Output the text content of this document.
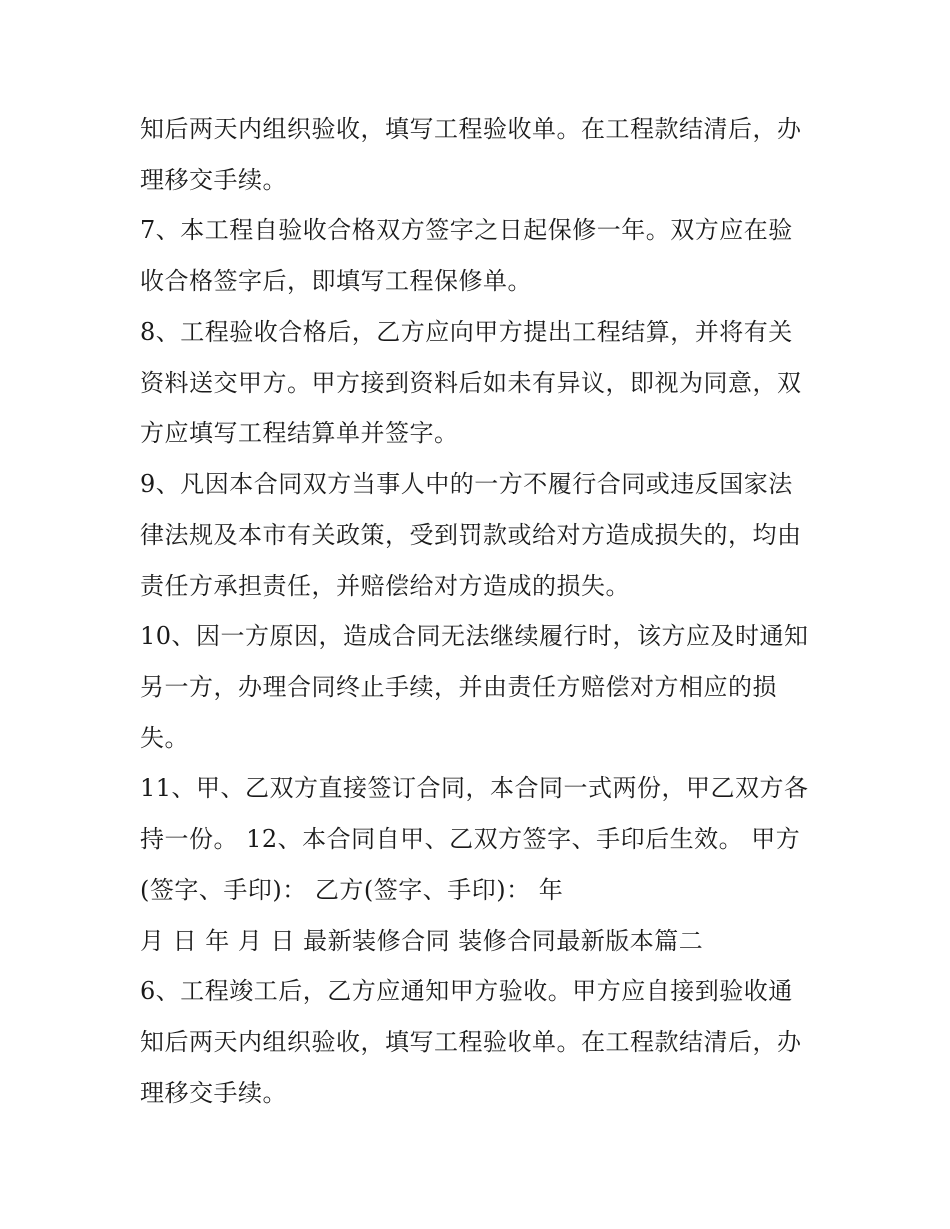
知后两天内组织验收，填写工程验收单。在工程款结清后，办
理移交手续。
7、本工程自验收合格双方签字之日起保修一年。双方应在验
收合格签字后，即填写工程保修单。
8、工程验收合格后，乙方应向甲方提出工程结算，并将有关
资料送交甲方。甲方接到资料后如未有异议，即视为同意，双
方应填写工程结算单并签字。
9、凡因本合同双方当事人中的一方不履行合同或违反国家法
律法规及本市有关政策，受到罚款或给对方造成损失的，均由
责任方承担责任，并赔偿给对方造成的损失。
10、因一方原因，造成合同无法继续履行时，该方应及时通知
另一方，办理合同终止手续，并由责任方赔偿对方相应的损
失。
11、甲、乙双方直接签订合同，本合同一式两份，甲乙双方各
持一份。 12、本合同自甲、乙双方签字、手印后生效。 甲方
(签字、手印)： 乙方(签字、手印)： 年
月 日 年 月 日 最新装修合同 装修合同最新版本篇二
6、工程竣工后，乙方应通知甲方验收。甲方应自接到验收通
知后两天内组织验收，填写工程验收单。在工程款结清后，办
理移交手续。
